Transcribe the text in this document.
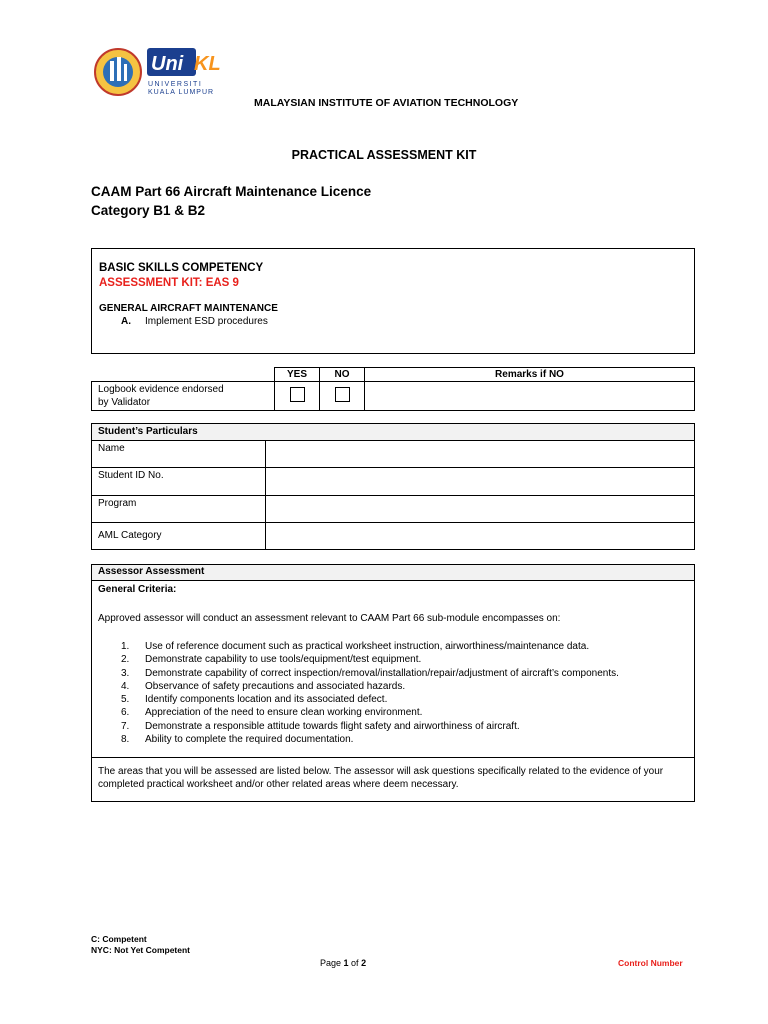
Uni KL
UNIVERSITI
KUALA LUMPUR
MALAYSIAN INSTITUTE OF AVIATION TECHNOLOGY
PRACTICAL ASSESSMENT KIT
CAAM Part 66 Aircraft Maintenance Licence
Category B1 & B2
BASIC SKILLS COMPETENCY
ASSESSMENT KIT: EAS 9
GENERAL AIRCRAFT MAINTENANCE
A.	Implement ESD procedures
	YES	NO	Remarks if NO

Logbook evidence endorsed
by Validator			

Student’s Particulars	
Name	
Student ID No.	
Program	
AML Category	
Assessor Assessment
General Criteria:
Approved assessor will conduct an assessment relevant to CAAM Part 66 sub-module encompasses on:
1.	Use of reference document such as practical worksheet instruction, airworthiness/maintenance data.
2.	Demonstrate capability to use tools/equipment/test equipment.
3.	Demonstrate capability of correct inspection/removal/installation/repair/adjustment of aircraft’s components.
4.	Observance of safety precautions and associated hazards.
5.	Identify components location and its associated defect.
6.	Appreciation of the need to ensure clean working environment.
7.	Demonstrate a responsible attitude towards flight safety and airworthiness of aircraft.
8.	Ability to complete the required documentation.
The areas that you will be assessed are listed below. The assessor will ask questions specifically related to the evidence of your completed practical worksheet and/or other related areas where deem necessary.
C: Competent
NYC: Not Yet Competent
Page 1 of 2	Control Number
